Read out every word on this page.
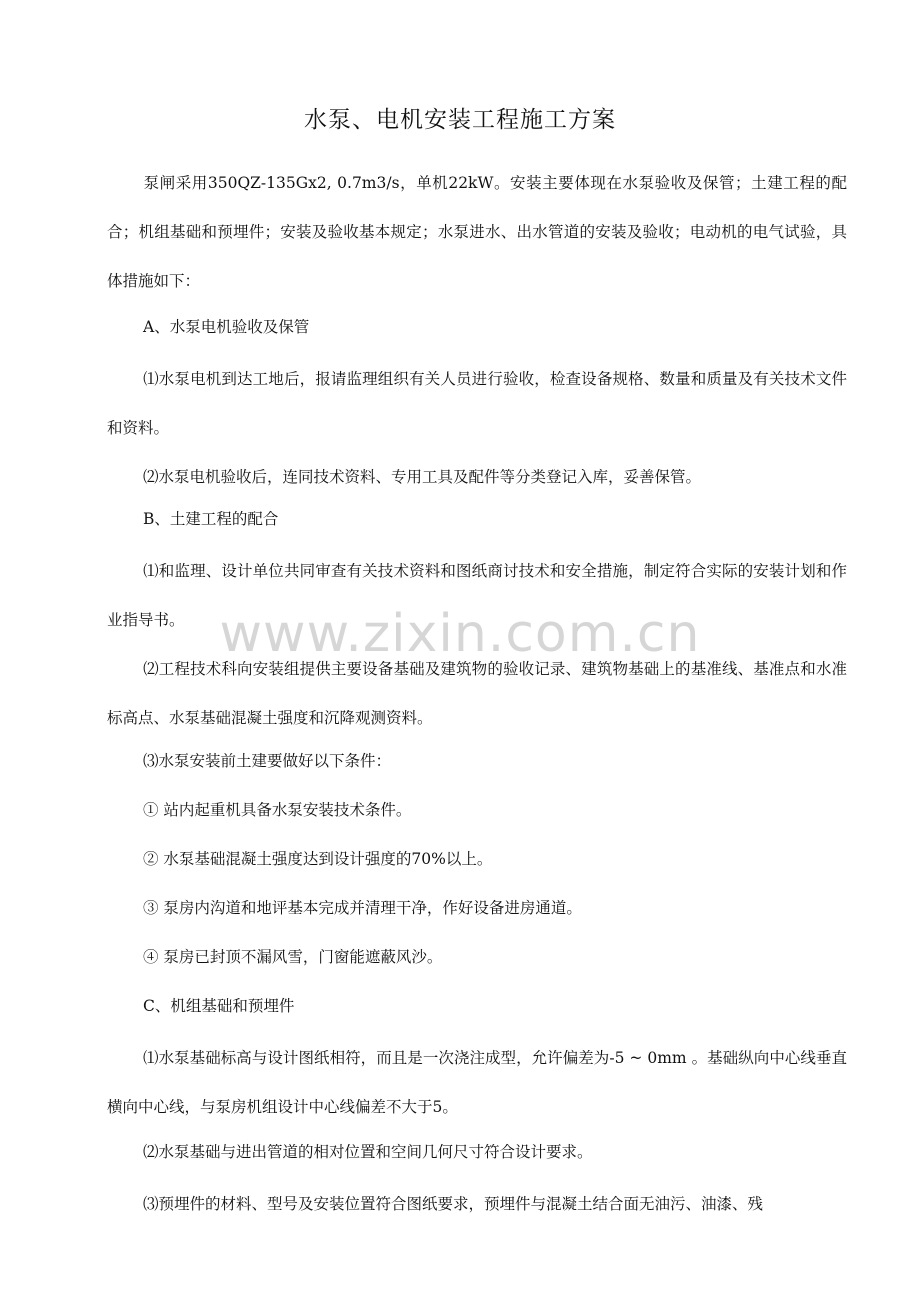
水泵、电机安装工程施工方案
泵闸采用350QZ-135Gx2, 0.7m3/s，单机22kW。安装主要体现在水泵验收及保管；土建工程的配合；机组基础和预埋件；安装及验收基本规定；水泵进水、出水管道的安装及验收；电动机的电气试验，具体措施如下：
A、水泵电机验收及保管
⑴水泵电机到达工地后，报请监理组织有关人员进行验收，检查设备规格、数量和质量及有关技术文件和资料。
⑵水泵电机验收后，连同技术资料、专用工具及配件等分类登记入库，妥善保管。
B、土建工程的配合
⑴和监理、设计单位共同审查有关技术资料和图纸商讨技术和安全措施，制定符合实际的安装计划和作业指导书。
⑵工程技术科向安装组提供主要设备基础及建筑物的验收记录、建筑物基础上的基准线、基准点和水准标高点、水泵基础混凝土强度和沉降观测资料。
⑶水泵安装前土建要做好以下条件：
① 站内起重机具备水泵安装技术条件。
② 水泵基础混凝土强度达到设计强度的70%以上。
③ 泵房内沟道和地评基本完成并清理干净，作好设备进房通道。
④ 泵房已封顶不漏风雪，门窗能遮蔽风沙。
C、机组基础和预埋件
⑴水泵基础标高与设计图纸相符，而且是一次浇注成型，允许偏差为-5 ~ 0mm 。基础纵向中心线垂直横向中心线，与泵房机组设计中心线偏差不大于5。
⑵水泵基础与进出管道的相对位置和空间几何尺寸符合设计要求。
⑶预埋件的材料、型号及安装位置符合图纸要求，预埋件与混凝土结合面无油污、油漆、残
www.zixin.com.cn
